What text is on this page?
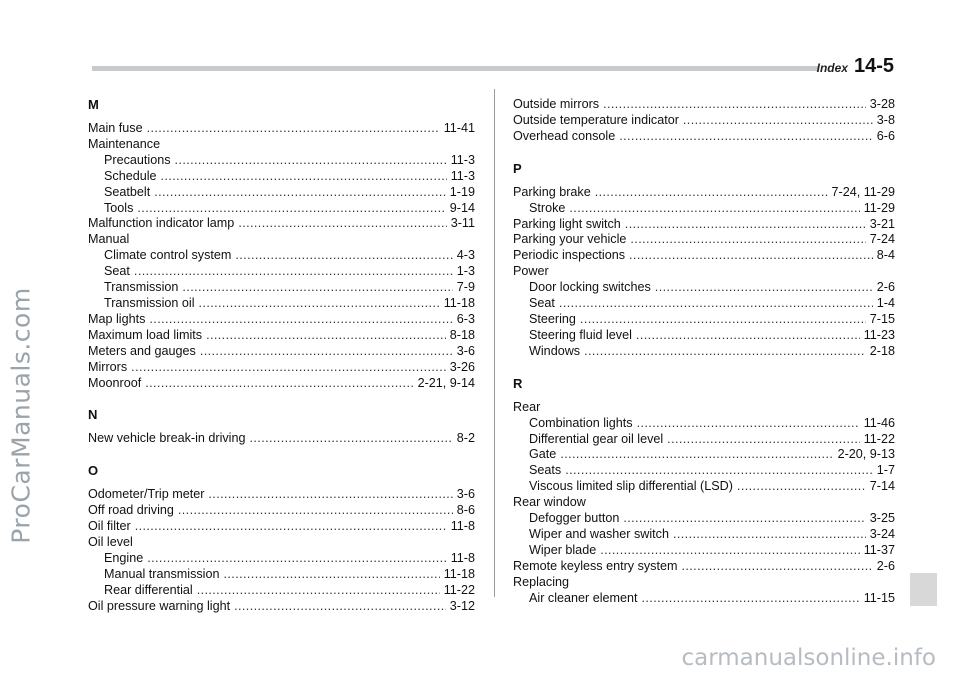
Index 14-5
ProCarManuals.com
M
Main fuse .....	11-41
Maintenance
Precautions .....	11-3
Schedule .....	11-3
Seatbelt .....	1-19
Tools .....	9-14
Malfunction indicator lamp .....	3-11
Manual
Climate control system .....	4-3
Seat .....	1-3
Transmission .....	7-9
Transmission oil .....	11-18
Map lights .....	6-3
Maximum load limits .....	8-18
Meters and gauges .....	3-6
Mirrors .....	3-26
Moonroof .....	2-21, 9-14
N
New vehicle break-in driving .....	8-2
O
Odometer/Trip meter .....	3-6
Off road driving .....	8-6
Oil filter .....	11-8
Oil level
Engine .....	11-8
Manual transmission .....	11-18
Rear differential .....	11-22
Oil pressure warning light .....	3-12
Outside mirrors .....	3-28
Outside temperature indicator .....	3-8
Overhead console .....	6-6
P
Parking brake .....	7-24, 11-29
Stroke .....	11-29
Parking light switch .....	3-21
Parking your vehicle .....	7-24
Periodic inspections .....	8-4
Power
Door locking switches .....	2-6
Seat .....	1-4
Steering .....	7-15
Steering fluid level .....	11-23
Windows .....	2-18
R
Rear
Combination lights .....	11-46
Differential gear oil level .....	11-22
Gate .....	2-20, 9-13
Seats .....	1-7
Viscous limited slip differential (LSD) .....	7-14
Rear window
Defogger button .....	3-25
Wiper and washer switch .....	3-24
Wiper blade .....	11-37
Remote keyless entry system .....	2-6
Replacing
Air cleaner element .....	11-15
carmanualsonline.info
